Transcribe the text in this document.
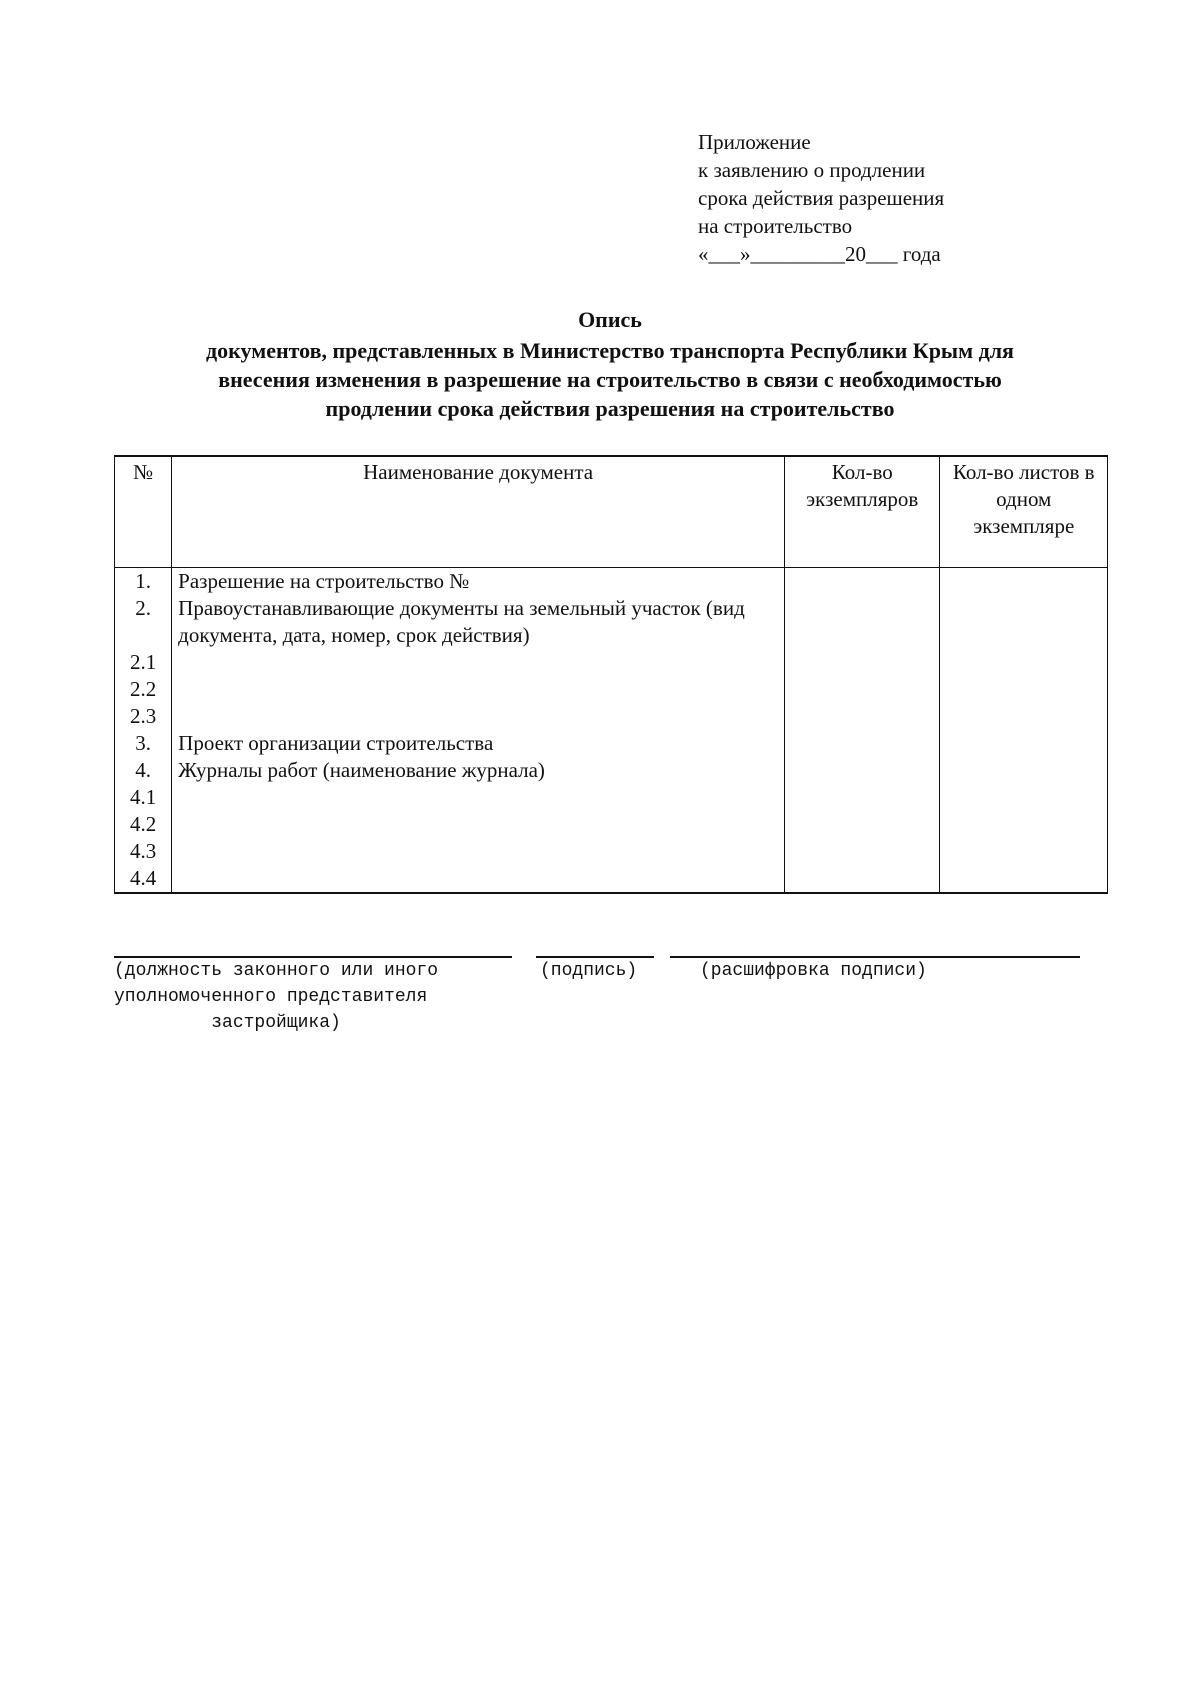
Приложение
к заявлению о продлении
срока действия разрешения
на строительство
«___»_________20___ года
Опись
документов, представленных в Министерство транспорта Республики Крым для
внесения изменения в разрешение на строительство в связи с необходимостью
продлении срока действия разрешения на строительство
№	Наименование документа	Кол-во экземпляров	Кол-во листов в одном экземпляре
1.	Разрешение на строительство №		
2.	Правоустанавливающие документы на земельный участок (вид документа, дата, номер, срок действия)		
2.1			
2.2			
2.3			
3.	Проект организации строительства		
4.	Журналы работ (наименование журнала)		
4.1			
4.2			
4.3			
4.4			
(должность законного или иного
уполномоченного представителя
застройщика)
(подпись)	(расшифровка подписи)
